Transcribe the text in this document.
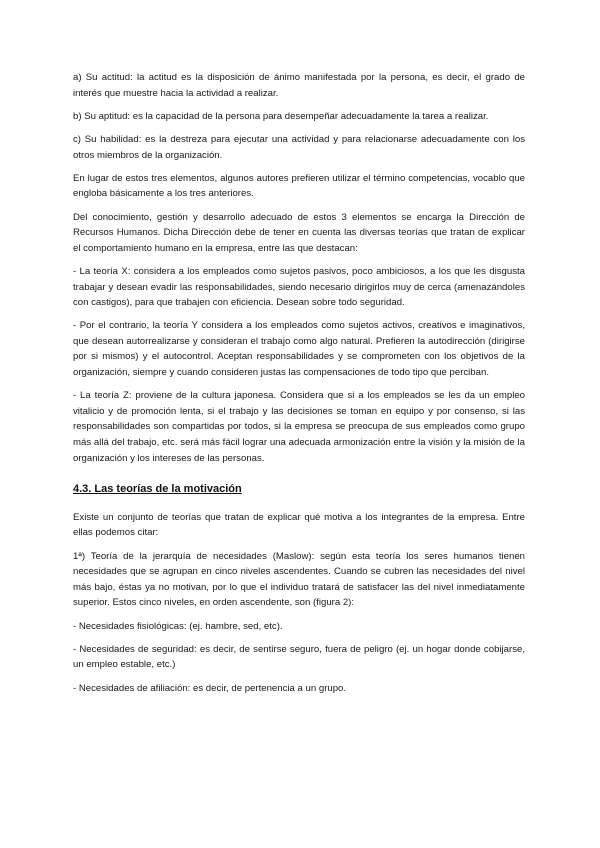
a) Su actitud: la actitud es la disposición de ánimo manifestada por la persona, es decir, el grado de interés que muestre hacia la actividad a realizar.

b) Su aptitud: es la capacidad de la persona para desempeñar adecuadamente la tarea a realizar.

c) Su habilidad: es la destreza para ejecutar una actividad y para relacionarse adecuadamente con los otros miembros de la organización.

En lugar de estos tres elementos, algunos autores prefieren utilizar el término competencias, vocablo que engloba básicamente a los tres anteriores.

Del conocimiento, gestión y desarrollo adecuado de estos 3 elementos se encarga la Dirección de Recursos Humanos. Dicha Dirección debe de tener en cuenta las diversas teorías que tratan de explicar el comportamiento humano en la empresa, entre las que destacan:

- La teoría X: considera a los empleados como sujetos pasivos, poco ambiciosos, a los que les disgusta trabajar y desean evadir las responsabilidades, siendo necesario dirigirlos muy de cerca (amenazándoles con castigos), para que trabajen con eficiencia. Desean sobre todo seguridad.

- Por el contrario, la teoría Y considera a los empleados como sujetos activos, creativos e imaginativos, que desean autorrealizarse y consideran el trabajo como algo natural. Prefieren la autodirección (dirigirse por si mismos) y el autocontrol. Aceptan responsabilidades y se comprometen con los objetivos de la organización, siempre y cuando consideren justas las compensaciones de todo tipo que perciban.

- La teoría Z: proviene de la cultura japonesa. Considera que si a los empleados se les da un empleo vitalicio y de promoción lenta, si el trabajo y las decisiones se toman en equipo y por consenso, si las responsabilidades son compartidas por todos, si la empresa se preocupa de sus empleados como grupo más allá del trabajo, etc. será más fácil lograr una adecuada armonización entre la visión y la misión de la organización y los intereses de las personas.

4.3. Las teorías de la motivación

Existe un conjunto de teorías que tratan de explicar qué motiva a los integrantes de la empresa. Entre ellas podemos citar:

1ª) Teoría de la jerarquía de necesidades (Maslow): según esta teoría los seres humanos tienen necesidades que se agrupan en cinco niveles ascendentes. Cuando se cubren las necesidades del nivel más bajo, éstas ya no motivan, por lo que el individuo tratará de satisfacer las del nivel inmediatamente superior. Estos cinco niveles, en orden ascendente, son (figura 2):

- Necesidades fisiológicas: (ej. hambre, sed, etc).

- Necesidades de seguridad: es decir, de sentirse seguro, fuera de peligro (ej. un hogar donde cobijarse, un empleo estable, etc.)

- Necesidades de afiliación: es decir, de pertenencia a un grupo.
